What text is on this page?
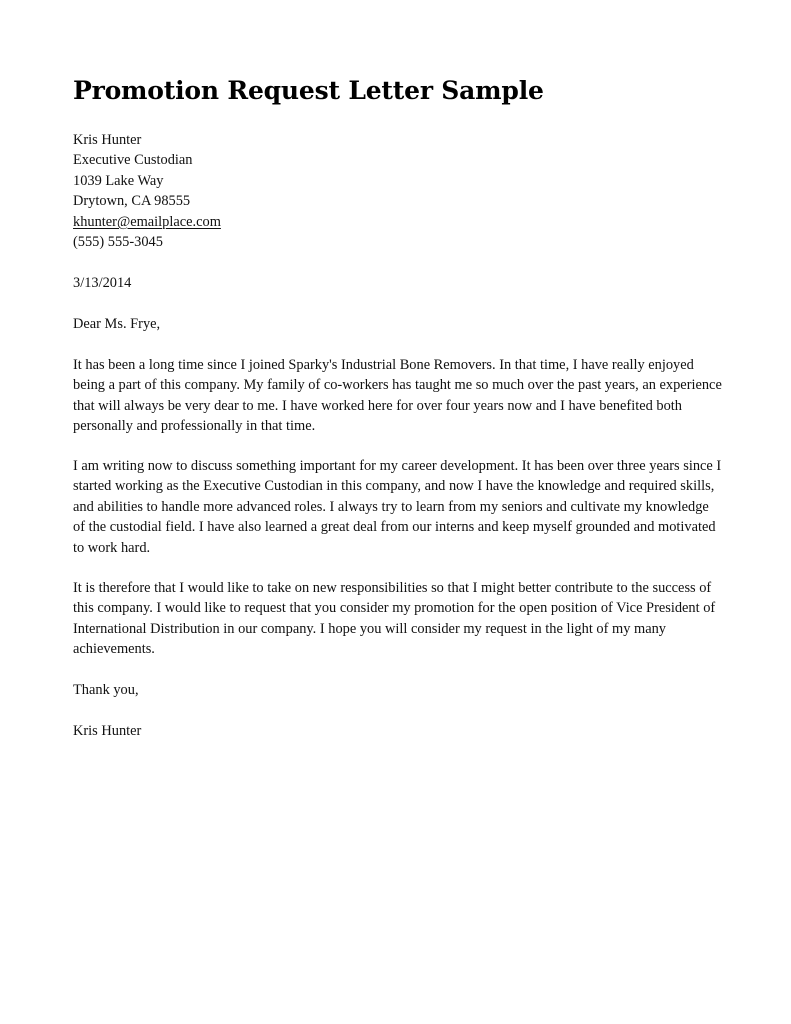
Promotion Request Letter Sample
Kris Hunter
Executive Custodian
1039 Lake Way
Drytown, CA 98555
khunter@emailplace.com
(555) 555-3045
3/13/2014
Dear Ms. Frye,

It has been a long time since I joined Sparky's Industrial Bone Removers. In that time, I have really enjoyed being a part of this company. My family of co-workers has taught me so much over the past years, an experience that will always be very dear to me. I have worked here for over four years now and I have benefited both personally and professionally in that time.

I am writing now to discuss something important for my career development. It has been over three years since I started working as the Executive Custodian in this company, and now I have the knowledge and required skills, and abilities to handle more advanced roles. I always try to learn from my seniors and cultivate my knowledge of the custodial field. I have also learned a great deal from our interns and keep myself grounded and motivated to work hard.

It is therefore that I would like to take on new responsibilities so that I might better contribute to the success of this company. I would like to request that you consider my promotion for the open position of Vice President of International Distribution in our company. I hope you will consider my request in the light of my many achievements.

Thank you,
Kris Hunter
